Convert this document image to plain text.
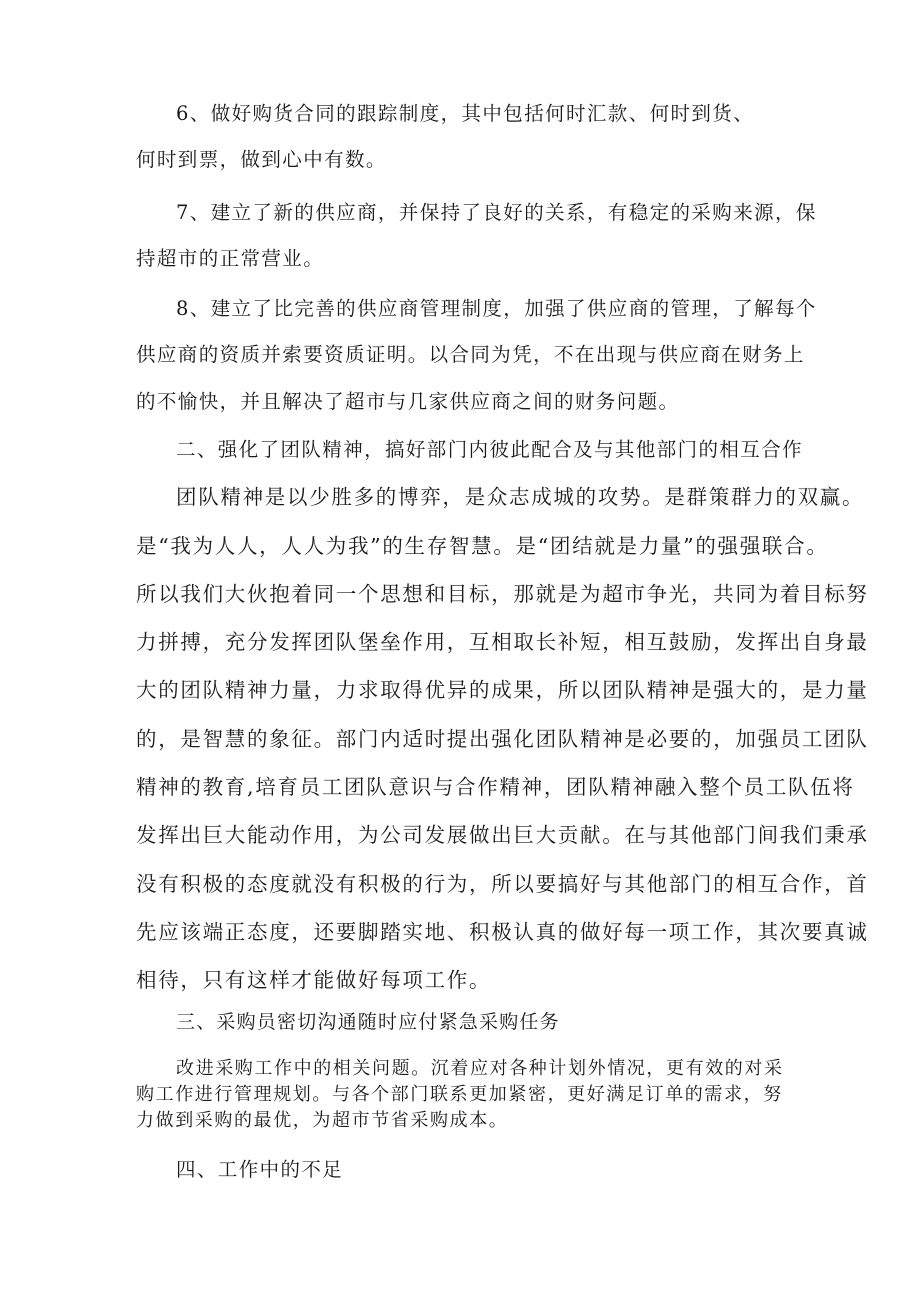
6、做好购货合同的跟踪制度，其中包括何时汇款、何时到货、

何时到票，做到心中有数。

7、建立了新的供应商，并保持了良好的关系，有稳定的采购来源，保

持超市的正常营业。

8、建立了比完善的供应商管理制度，加强了供应商的管理，了解每个

供应商的资质并索要资质证明。以合同为凭，不在出现与供应商在财务上

的不愉快，并且解决了超市与几家供应商之间的财务问题。

二、强化了团队精神，搞好部门内彼此配合及与其他部门的相互合作

团队精神是以少胜多的博弈，是众志成城的攻势。是群策群力的双赢。

是“我为人人，人人为我”的生存智慧。是“团结就是力量”的强强联合。

所以我们大伙抱着同一个思想和目标，那就是为超市争光，共同为着目标努

力拼搏，充分发挥团队堡垒作用，互相取长补短，相互鼓励，发挥出自身最

大的团队精神力量，力求取得优异的成果，所以团队精神是强大的，是力量

的，是智慧的象征。部门内适时提出强化团队精神是必要的，加强员工团队

精神的教育,培育员工团队意识与合作精神，团队精神融入整个员工队伍将

发挥出巨大能动作用，为公司发展做出巨大贡献。在与其他部门间我们秉承

没有积极的态度就没有积极的行为，所以要搞好与其他部门的相互合作，首

先应该端正态度，还要脚踏实地、积极认真的做好每一项工作，其次要真诚

相待，只有这样才能做好每项工作。

三、采购员密切沟通随时应付紧急采购任务

改进采购工作中的相关问题。沉着应对各种计划外情况，更有效的对采

购工作进行管理规划。与各个部门联系更加紧密，更好满足订单的需求，努

力做到采购的最优，为超市节省采购成本。

四、工作中的不足
